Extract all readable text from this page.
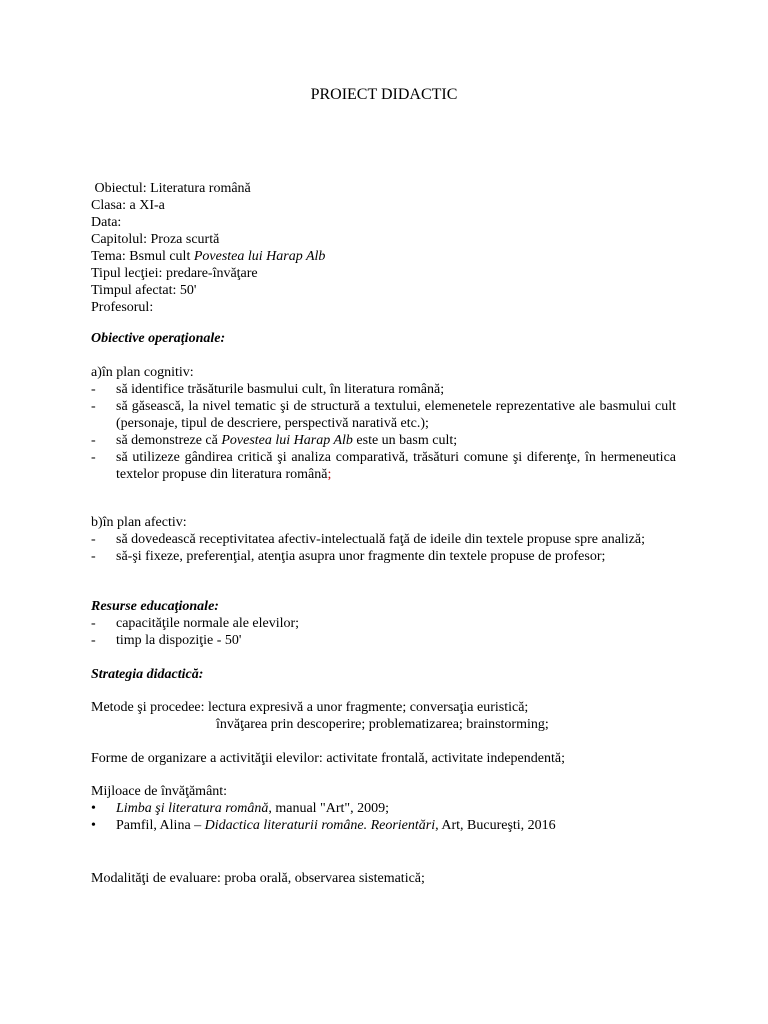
PROIECT DIDACTIC
Obiectul: Literatura română
Clasa: a XI-a
Data:
Capitolul: Proza scurtă
Tema: Bsmul cult Povestea lui Harap Alb
Tipul lecţiei: predare-învăţare
Timpul afectat: 50'
Profesorul:
Obiective operaţionale:
a)în plan cognitiv:
- să identifice trăsăturile basmului cult, în literatura română;
- să găsească, la nivel tematic şi de structură a textului, elemenetele reprezentative ale basmului cult (personaje, tipul de descriere, perspectivă narativă etc.);
- să demonstreze că Povestea lui Harap Alb este un basm cult;
- să utilizeze gândirea critică şi analiza comparativă, trăsături comune şi diferenţe, în hermeneutica textelor propuse din literatura română;
b)în plan afectiv:
- să dovedească receptivitatea afectiv-intelectuală faţă de ideile din textele propuse spre analiză;
- să-şi fixeze, preferenţial, atenţia asupra unor fragmente din textele propuse de profesor;
Resurse educaţionale:
- capacităţile normale ale elevilor;
- timp la dispoziţie - 50'
Strategia didactică:
Metode şi procedee: lectura expresivă a unor fragmente; conversaţia euristică;
învăţarea prin descoperire; problematizarea; brainstorming;
Forme de organizare a activităţii elevilor: activitate frontală, activitate independentă;
Mijloace de învăţământ:
• Limba şi literatura română, manual "Art", 2009;
• Pamfil, Alina – Didactica literaturii române. Reorientări, Art, Bucureşti, 2016
Modalităţi de evaluare: proba orală, observarea sistematică;
